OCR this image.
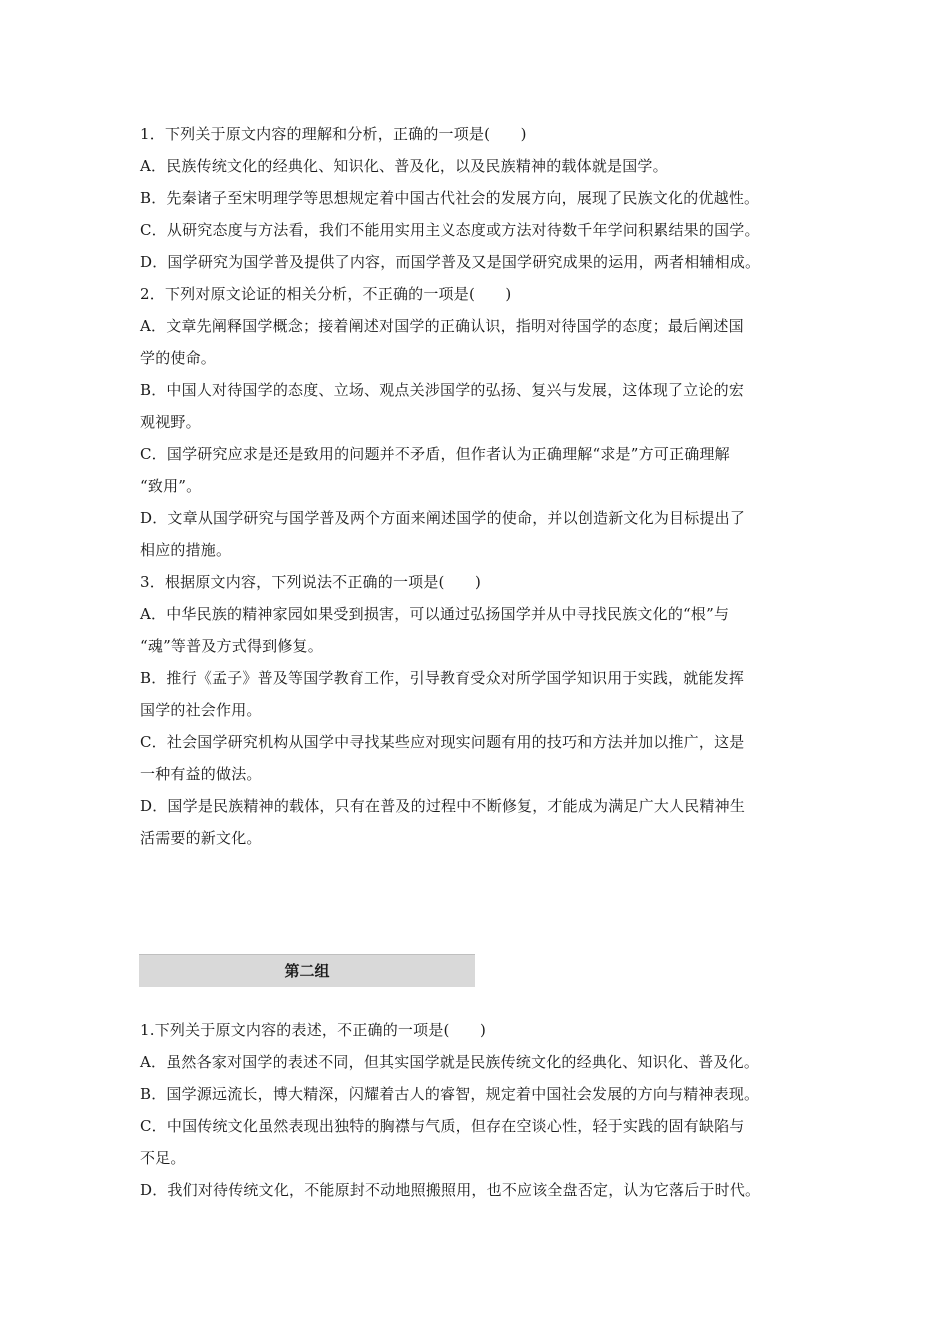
1．下列关于原文内容的理解和分析，正确的一项是(　　)
A．民族传统文化的经典化、知识化、普及化，以及民族精神的载体就是国学。
B．先秦诸子至宋明理学等思想规定着中国古代社会的发展方向，展现了民族文化的优越性。
C．从研究态度与方法看，我们不能用实用主义态度或方法对待数千年学问积累结果的国学。
D．国学研究为国学普及提供了内容，而国学普及又是国学研究成果的运用，两者相辅相成。
2．下列对原文论证的相关分析，不正确的一项是(　　)
A．文章先阐释国学概念；接着阐述对国学的正确认识，指明对待国学的态度；最后阐述国
学的使命。
B．中国人对待国学的态度、立场、观点关涉国学的弘扬、复兴与发展，这体现了立论的宏
观视野。
C．国学研究应求是还是致用的问题并不矛盾，但作者认为正确理解“求是”方可正确理解
“致用”。
D．文章从国学研究与国学普及两个方面来阐述国学的使命，并以创造新文化为目标提出了
相应的措施。
3．根据原文内容，下列说法不正确的一项是(　　)
A．中华民族的精神家园如果受到损害，可以通过弘扬国学并从中寻找民族文化的“根”与
“魂”等普及方式得到修复。
B．推行《孟子》普及等国学教育工作，引导教育受众对所学国学知识用于实践，就能发挥
国学的社会作用。
C．社会国学研究机构从国学中寻找某些应对现实问题有用的技巧和方法并加以推广，这是
一种有益的做法。
D．国学是民族精神的载体，只有在普及的过程中不断修复，才能成为满足广大人民精神生
活需要的新文化。
第二组
1.下列关于原文内容的表述，不正确的一项是(　　)
A．虽然各家对国学的表述不同，但其实国学就是民族传统文化的经典化、知识化、普及化。
B．国学源远流长，博大精深，闪耀着古人的睿智，规定着中国社会发展的方向与精神表现。
C．中国传统文化虽然表现出独特的胸襟与气质，但存在空谈心性，轻于实践的固有缺陷与
不足。
D．我们对待传统文化，不能原封不动地照搬照用，也不应该全盘否定，认为它落后于时代。
